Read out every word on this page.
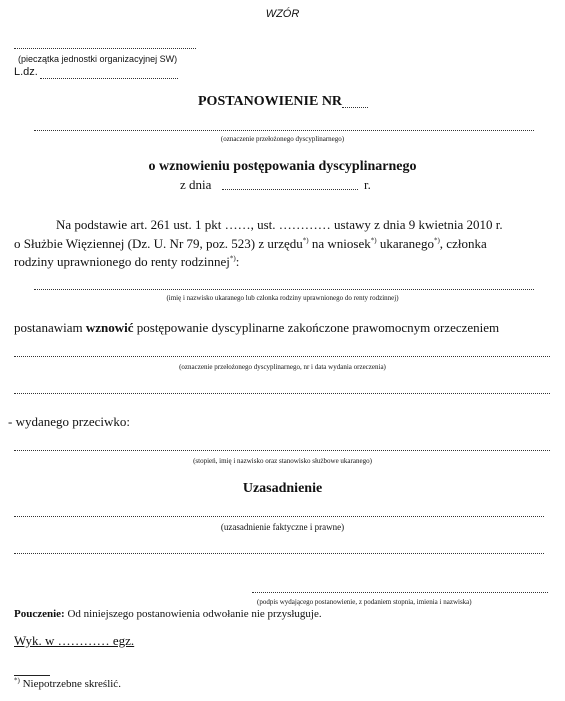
WZÓR
(pieczątka jednostki organizacyjnej SW)
L.dz.
POSTANOWIENIE NR
(oznaczenie przełożonego dyscyplinarnego)
o wznowieniu postępowania dyscyplinarnego
z dnia	r.
Na podstawie art. 261 ust. 1 pkt ……, ust. ………… ustawy z dnia 9 kwietnia 2010 r.
o Służbie Więziennej (Dz. U. Nr 79, poz. 523) z urzędu*) na wniosek*) ukaranego*), członka
rodziny uprawnionego do renty rodzinnej*):
(imię i nazwisko ukaranego lub członka rodziny uprawnionego do renty rodzinnej)
postanawiam wznowić postępowanie dyscyplinarne zakończone prawomocnym orzeczeniem
(oznaczenie przełożonego dyscyplinarnego, nr i data wydania orzeczenia)
- wydanego przeciwko:
(stopień, imię i nazwisko oraz stanowisko służbowe ukaranego)
Uzasadnienie
(uzasadnienie faktyczne i prawne)
(podpis wydającego postanowienie, z podaniem stopnia, imienia i nazwiska)
Pouczenie: Od niniejszego postanowienia odwołanie nie przysługuje.
Wyk. w ………… egz.
*) Niepotrzebne skreślić.
